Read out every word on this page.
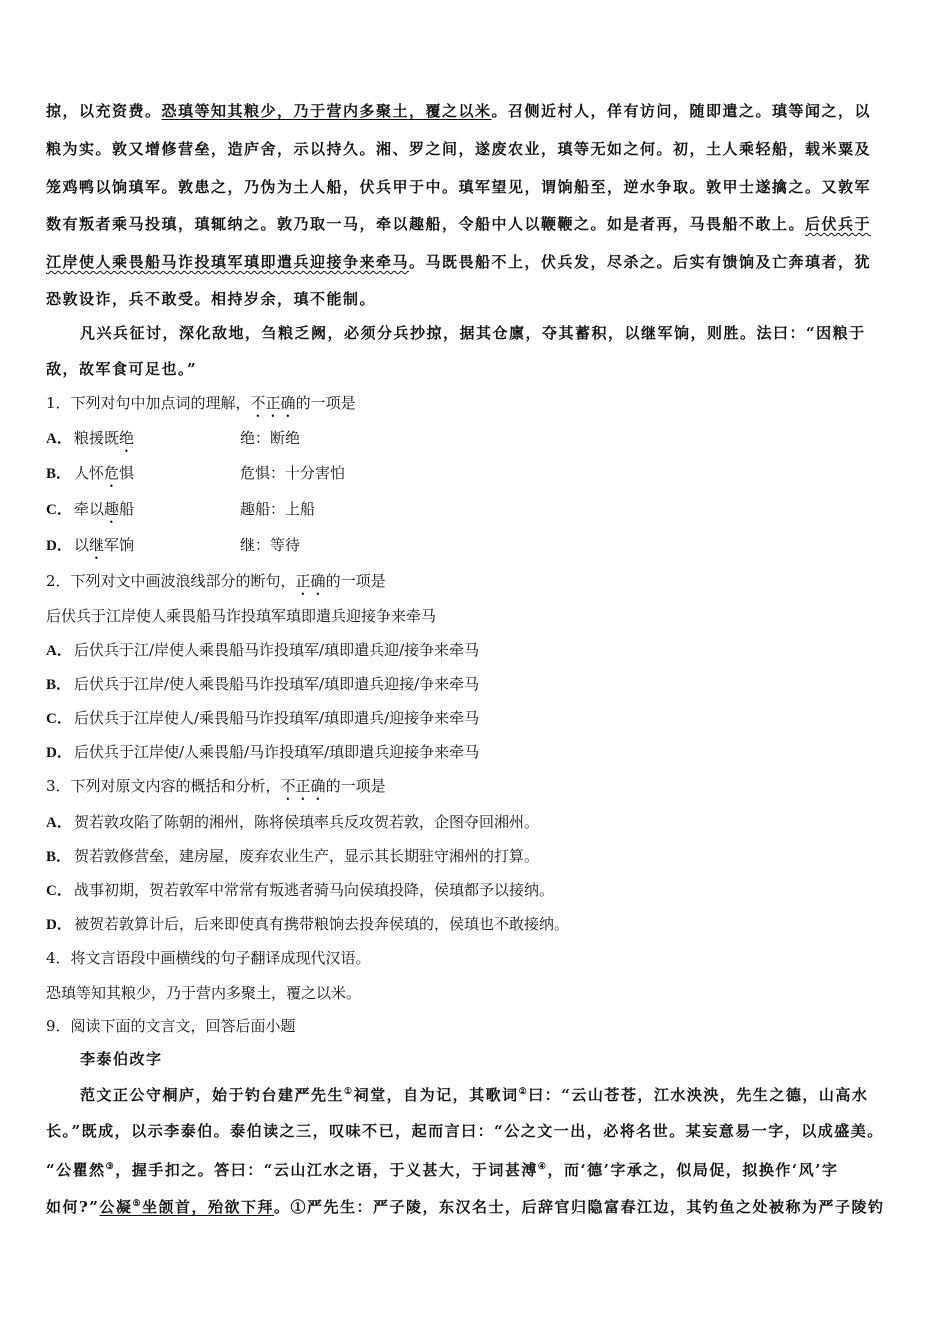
掠，以充资费。恐瑱等知其粮少，乃于营内多聚土，覆之以米。召侧近村人，佯有访问，随即遣之。瑱等闻之，以
粮为实。敦又增修营垒，造庐舍，示以持久。湘、罗之间，遂废农业，瑱等无如之何。初，土人乘轻船，载米粟及
笼鸡鸭以饷瑱军。敦患之，乃伪为土人船，伏兵甲于中。瑱军望见，谓饷船至，逆水争取。敦甲士遂擒之。又敦军
数有叛者乘马投瑱，瑱辄纳之。敦乃取一马，牵以趣船，令船中人以鞭鞭之。如是者再，马畏船不敢上。后伏兵于
江岸使人乘畏船马诈投瑱军瑱即遣兵迎接争来牵马。马既畏船不上，伏兵发，尽杀之。后实有馈饷及亡奔瑱者，犹
恐敦设诈，兵不敢受。相持岁余，瑱不能制。
凡兴兵征讨，深化敌地，刍粮乏阙，必须分兵抄掠，据其仓廪，夺其蓄积，以继军饷，则胜。法曰：“因粮于
敌，故军食可足也。”
1．下列对句中加点词的理解，不正确的一项是
A． 粮援既绝	绝：断绝
B． 人怀危惧	危惧：十分害怕
C． 牵以趣船	趣船：上船
D． 以继军饷	继：等待
2．下列对文中画波浪线部分的断句，正确的一项是
后伏兵于江岸使人乘畏船马诈投瑱军瑱即遣兵迎接争来牵马
A． 后伏兵于江/岸使人乘畏船马诈投瑱军/瑱即遣兵迎/接争来牵马
B． 后伏兵于江岸/使人乘畏船马诈投瑱军/瑱即遣兵迎接/争来牵马
C． 后伏兵于江岸使人/乘畏船马诈投瑱军/瑱即遣兵/迎接争来牵马
D． 后伏兵于江岸使/人乘畏船/马诈投瑱军/瑱即遣兵迎接争来牵马
3．下列对原文内容的概括和分析，不正确的一项是
A． 贺若敦攻陷了陈朝的湘州，陈将侯瑱率兵反攻贺若敦，企图夺回湘州。
B． 贺若敦修营垒，建房屋，废弃农业生产，显示其长期驻守湘州的打算。
C． 战事初期，贺若敦军中常常有叛逃者骑马向侯瑱投降，侯瑱都予以接纳。
D． 被贺若敦算计后，后来即使真有携带粮饷去投奔侯瑱的，侯瑱也不敢接纳。
4．将文言语段中画横线的句子翻译成现代汉语。
恐瑱等知其粮少，乃于营内多聚土，覆之以米。
9．阅读下面的文言文，回答后面小题
李泰伯改字
范文正公守桐庐，始于钓台建严先生①祠堂，自为记，其歌词②曰：“云山苍苍，江水泱泱，先生之德，山高水
长。”既成，以示李泰伯。泰伯读之三，叹味不已，起而言曰：“公之文一出，必将名世。某妄意易一字，以成盛美。
“公瞿然③，握手扣之。答曰：“云山江水之语，于义甚大，于词甚溥④，而‘德’字承之，似局促，拟换作‘风’字
如何?”公凝⑤坐颌首，殆欲下拜。①严先生：严子陵，东汉名士，后辞官归隐富春江边，其钓鱼之处被称为严子陵钓
